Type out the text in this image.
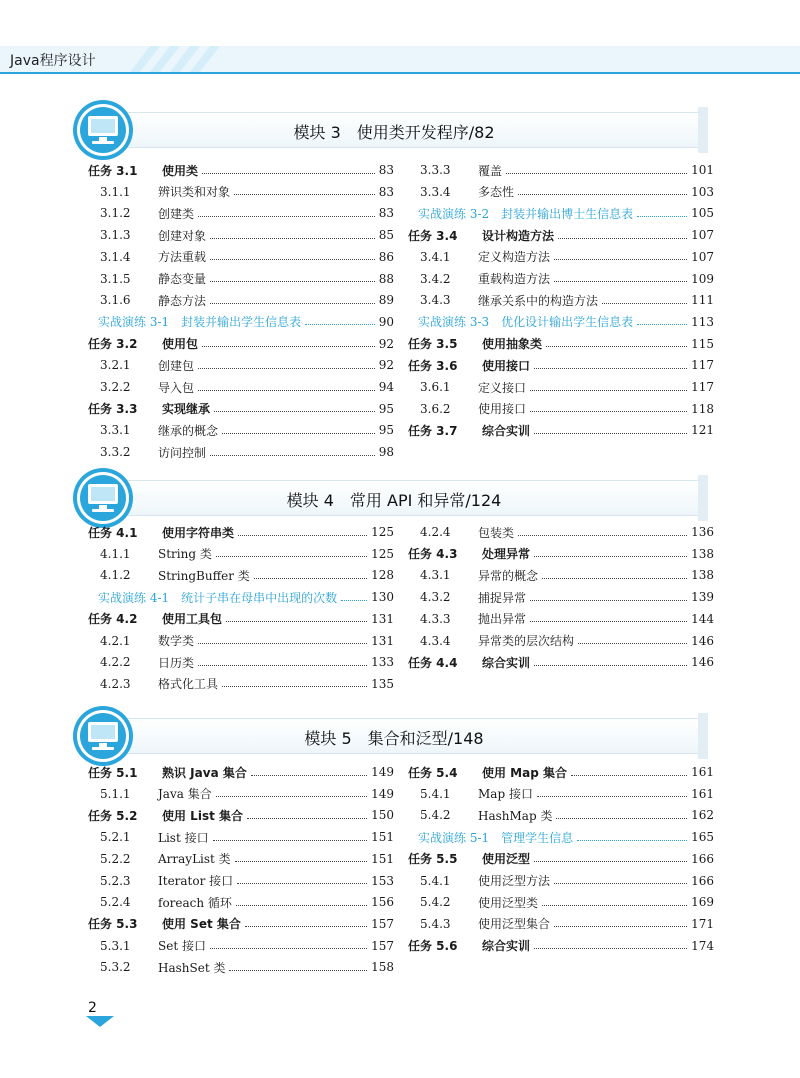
Java程序设计
模块 3　使用类开发程序/82
任务 3.1	使用类	83
3.1.1	辨识类和对象	83
3.1.2	创建类	83
3.1.3	创建对象	85
3.1.4	方法重载	86
3.1.5	静态变量	88
3.1.6	静态方法	89
实战演练 3-1　封装并输出学生信息表	90
任务 3.2	使用包	92
3.2.1	创建包	92
3.2.2	导入包	94
任务 3.3	实现继承	95
3.3.1	继承的概念	95
3.3.2	访问控制	98
3.3.3	覆盖	101
3.3.4	多态性	103
实战演练 3-2　封装并输出博士生信息表	105
任务 3.4	设计构造方法	107
3.4.1	定义构造方法	107
3.4.2	重载构造方法	109
3.4.3	继承关系中的构造方法	111
实战演练 3-3　优化设计输出学生信息表	113
任务 3.5	使用抽象类	115
任务 3.6	使用接口	117
3.6.1	定义接口	117
3.6.2	使用接口	118
任务 3.7	综合实训	121
模块 4　常用 API 和异常/124
任务 4.1	使用字符串类	125
4.1.1	String 类	125
4.1.2	StringBuffer 类	128
实战演练 4-1　统计子串在母串中出现的次数	130
任务 4.2	使用工具包	131
4.2.1	数学类	131
4.2.2	日历类	133
4.2.3	格式化工具	135
4.2.4	包装类	136
任务 4.3	处理异常	138
4.3.1	异常的概念	138
4.3.2	捕捉异常	139
4.3.3	抛出异常	144
4.3.4	异常类的层次结构	146
任务 4.4	综合实训	146
模块 5　集合和泛型/148
任务 5.1	熟识 Java 集合	149
5.1.1	Java 集合	149
任务 5.2	使用 List 集合	150
5.2.1	List 接口	151
5.2.2	ArrayList 类	151
5.2.3	Iterator 接口	153
5.2.4	foreach 循环	156
任务 5.3	使用 Set 集合	157
5.3.1	Set 接口	157
5.3.2	HashSet 类	158
任务 5.4	使用 Map 集合	161
5.4.1	Map 接口	161
5.4.2	HashMap 类	162
实战演练 5-1　管理学生信息	165
任务 5.5	使用泛型	166
5.4.1	使用泛型方法	166
5.4.2	使用泛型类	169
5.4.3	使用泛型集合	171
任务 5.6	综合实训	174
2
